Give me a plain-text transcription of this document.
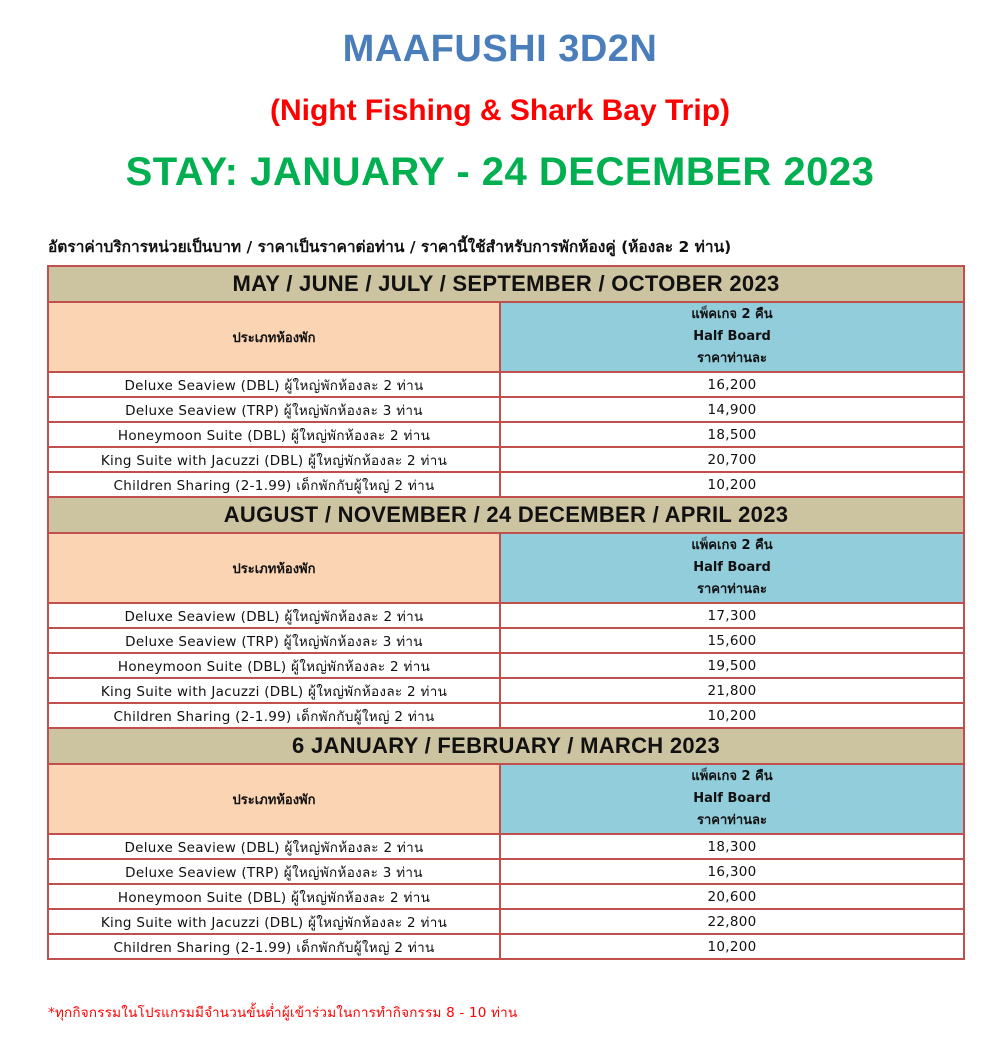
MAAFUSHI 3D2N
(Night Fishing & Shark Bay Trip)
STAY: JANUARY - 24 DECEMBER 2023
อัตราค่าบริการหน่วยเป็นบาท / ราคาเป็นราคาต่อท่าน / ราคานี้ใช้สำหรับการพักห้องคู่ (ห้องละ 2 ท่าน)
MAY / JUNE / JULY / SEPTEMBER / OCTOBER 2023	
ประเภทห้องพัก	แพ็คเกจ 2 คืน
Half Board
ราคาท่านละ

Deluxe Seaview (DBL) ผู้ใหญ่พักห้องละ 2 ท่าน	16,200
Deluxe Seaview (TRP) ผู้ใหญ่พักห้องละ 3 ท่าน	14,900
Honeymoon Suite (DBL) ผู้ใหญ่พักห้องละ 2 ท่าน	18,500
King Suite with Jacuzzi (DBL) ผู้ใหญ่พักห้องละ 2 ท่าน	20,700
Children Sharing (2-1.99) เด็กพักกับผู้ใหญ่ 2 ท่าน	10,200
AUGUST / NOVEMBER / 24 DECEMBER / APRIL 2023	
ประเภทห้องพัก	แพ็คเกจ 2 คืน
Half Board
ราคาท่านละ

Deluxe Seaview (DBL) ผู้ใหญ่พักห้องละ 2 ท่าน	17,300
Deluxe Seaview (TRP) ผู้ใหญ่พักห้องละ 3 ท่าน	15,600
Honeymoon Suite (DBL) ผู้ใหญ่พักห้องละ 2 ท่าน	19,500
King Suite with Jacuzzi (DBL) ผู้ใหญ่พักห้องละ 2 ท่าน	21,800
Children Sharing (2-1.99) เด็กพักกับผู้ใหญ่ 2 ท่าน	10,200
6 JANUARY / FEBRUARY / MARCH 2023	
ประเภทห้องพัก	แพ็คเกจ 2 คืน
Half Board
ราคาท่านละ

Deluxe Seaview (DBL) ผู้ใหญ่พักห้องละ 2 ท่าน	18,300
Deluxe Seaview (TRP) ผู้ใหญ่พักห้องละ 3 ท่าน	16,300
Honeymoon Suite (DBL) ผู้ใหญ่พักห้องละ 2 ท่าน	20,600
King Suite with Jacuzzi (DBL) ผู้ใหญ่พักห้องละ 2 ท่าน	22,800
Children Sharing (2-1.99) เด็กพักกับผู้ใหญ่ 2 ท่าน	10,200
*ทุกกิจกรรมในโปรแกรมมีจำนวนขั้นต่ำผู้เข้าร่วมในการทำกิจกรรม 8 - 10 ท่าน
